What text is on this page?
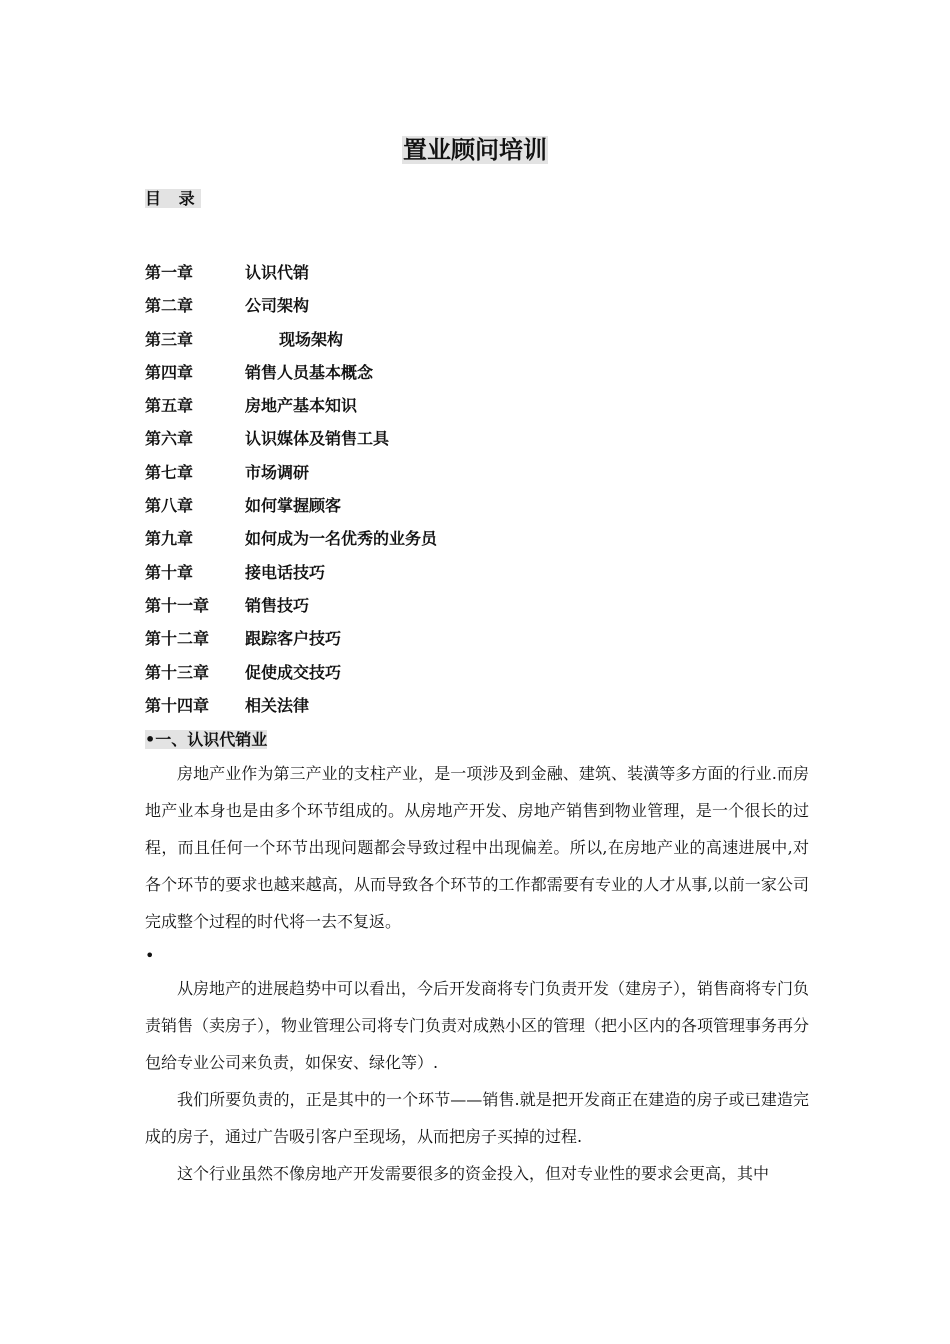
置业顾问培训
目 录
第一章	认识代销
第二章	公司架构
第三章	现场架构
第四章	销售人员基本概念
第五章	房地产基本知识
第六章	认识媒体及销售工具
第七章	市场调研
第八章	如何掌握顾客
第九章	如何成为一名优秀的业务员
第十章	接电话技巧
第十一章	销售技巧
第十二章	跟踪客户技巧
第十三章	促使成交技巧
第十四章	相关法律
•一、认识代销业

房地产业作为第三产业的支柱产业，是一项涉及到金融、建筑、装潢等多方面的行业.而房地产业本身也是由多个环节组成的。从房地产开发、房地产销售到物业管理，是一个很长的过程，而且任何一个环节出现问题都会导致过程中出现偏差。所以,在房地产业的高速进展中,对各个环节的要求也越来越高，从而导致各个环节的工作都需要有专业的人才从事,以前一家公司完成整个过程的时代将一去不复返。

•

从房地产的进展趋势中可以看出，今后开发商将专门负责开发（建房子），销售商将专门负责销售（卖房子），物业管理公司将专门负责对成熟小区的管理（把小区内的各项管理事务再分包给专业公司来负责，如保安、绿化等）.

我们所要负责的，正是其中的一个环节——销售.就是把开发商正在建造的房子或已建造完成的房子，通过广告吸引客户至现场，从而把房子买掉的过程.

这个行业虽然不像房地产开发需要很多的资金投入，但对专业性的要求会更高，其中
